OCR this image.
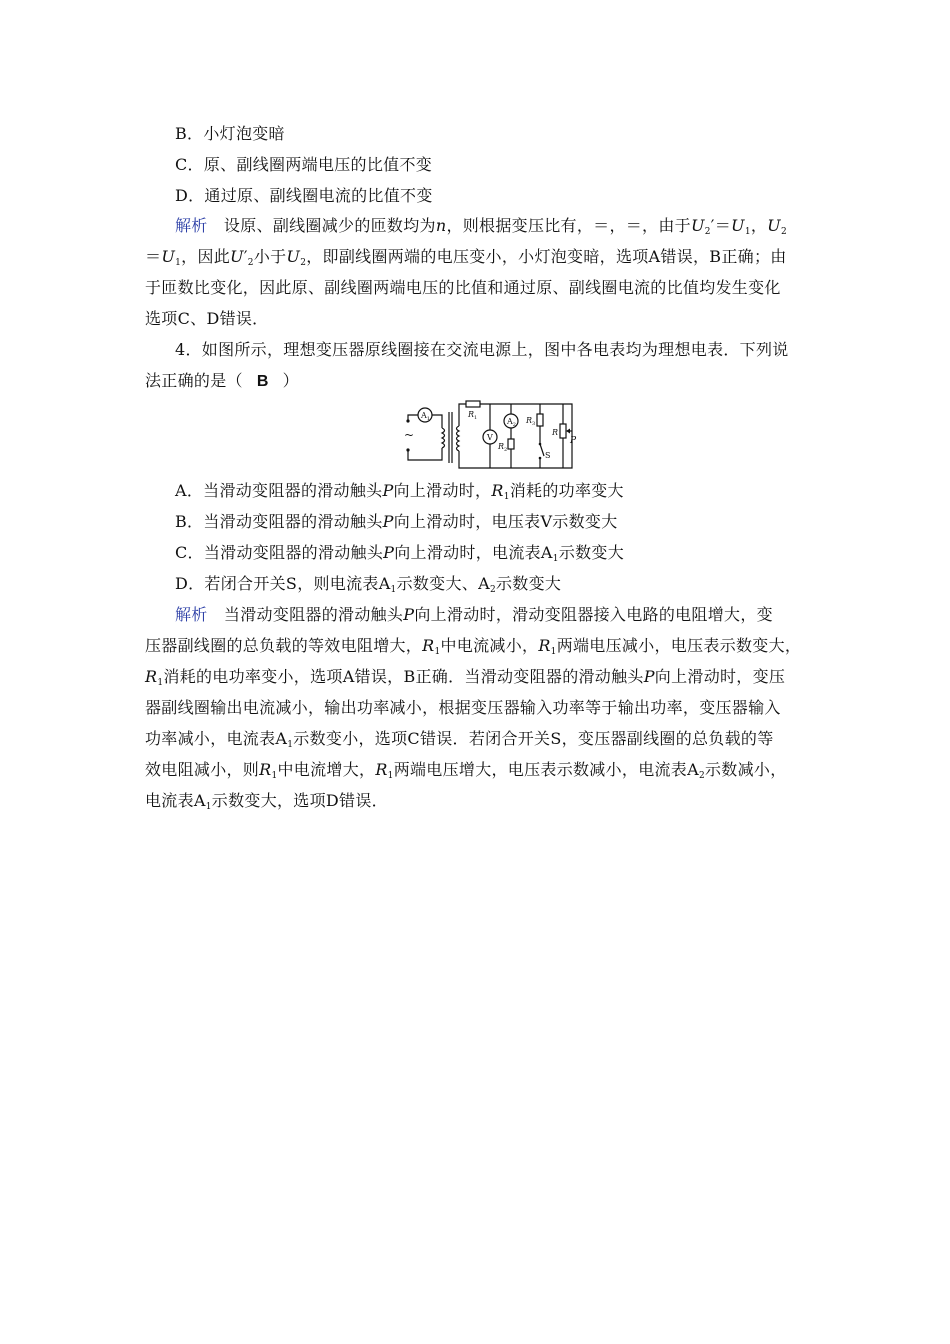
B．小灯泡变暗
C．原、副线圈两端电压的比值不变
D．通过原、副线圈电流的比值不变
解析　 设原、副线圈减少的匝数均为n，则根据变压比有，＝，＝，由于$U_2'=U_1$，$U_2$
$=U_1$，因此$U'_2$小于$U_2$，即副线圈两端的电压变小，小灯泡变暗，选项A错误，B正确；由
于匝数比变化，因此原、副线圈两端电压的比值和通过原、副线圈电流的比值均发生变化
选项C、D错误．
4．如图所示，理想变压器原线圈接在交流电源上，图中各电表均为理想电表．下列说
法正确的是（ B ）
~
$A_1$	$R_1$
V
$A_2$ $R_3$
$R_2$
S
R
P
A．当滑动变阻器的滑动触头P向上滑动时，$R_1$消耗的功率变大
B．当滑动变阻器的滑动触头P向上滑动时，电压表V示数变大
C．当滑动变阻器的滑动触头P向上滑动时，电流表$A_1$示数变大
D．若闭合开关S，则电流表$A_1$示数变大、$A_2$示数变大
解析　 当滑动变阻器的滑动触头P向上滑动时，滑动变阻器接入电路的电阻增大，变
压器副线圈的总负载的等效电阻增大，$R_1$中电流减小，$R_1$两端电压减小，电压表示数变大，
$R_1$消耗的电功率变小，选项A错误，B正确．当滑动变阻器的滑动触头P向上滑动时，变压
器副线圈输出电流减小，输出功率减小，根据变压器输入功率等于输出功率，变压器输入
功率减小，电流表$A_1$示数变小，选项C错误．若闭合开关S，变压器副线圈的总负载的等
效电阻减小，则$R_1$中电流增大，$R_1$两端电压增大，电压表示数减小，电流表$A_2$示数减小，
电流表$A_1$示数变大，选项D错误．
